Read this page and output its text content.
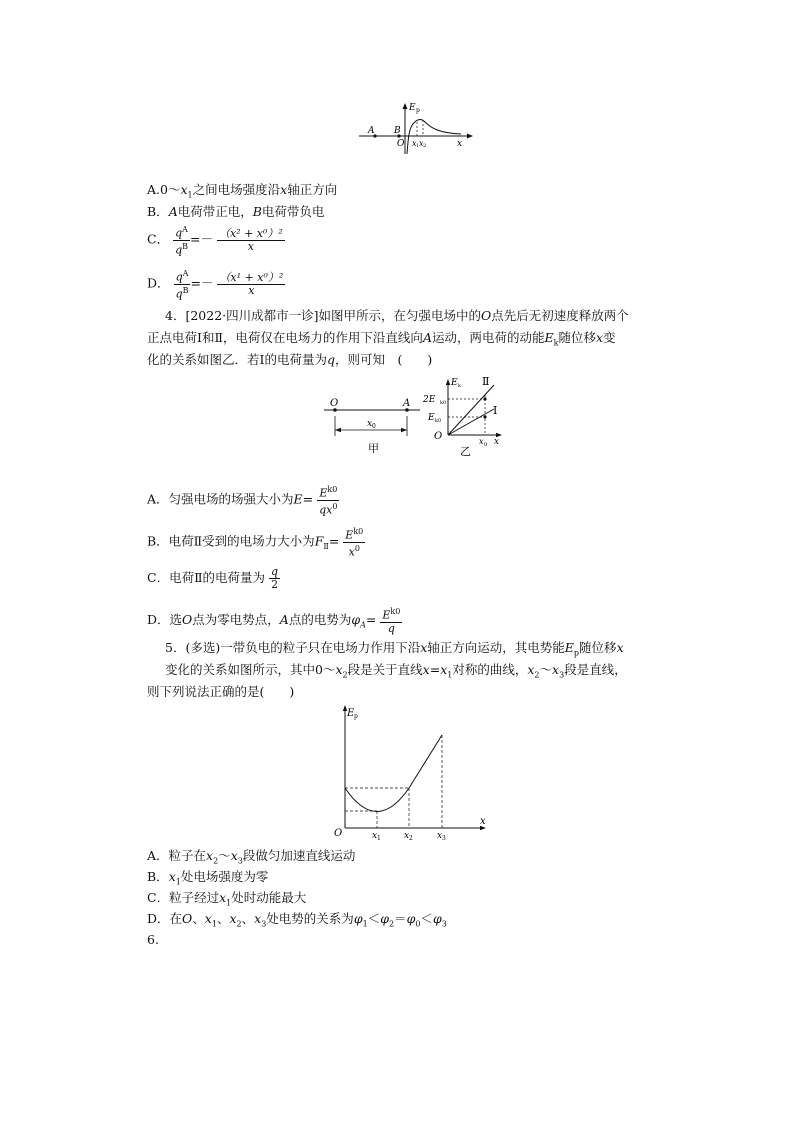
E p
A B
O x 1 x 2	x
$A.0\sim x_1$之间电场强度沿x轴正方向
B．A电荷带正电，B电荷带负电
C． $\frac{q^A}{q^B} =- \frac{\text{（x² + x⁰）²}}{x}$
D． $\frac{q^A}{q^B} =- \frac{\text{（x¹ + x⁰）²}}{x}$
4．[2022·四川成都市一诊]如图甲所示，在匀强电场中的O点先后无初速度释放两个
正点电荷Ⅰ和Ⅱ，电荷仅在电场力的作用下沿直线向A运动，两电荷的动能$E_k$随位移x变
化的关系如图乙．若Ⅰ的电荷量为q，则可知　(　　)
O	A
x 0
甲
2E k0
E k0
E k Ⅱ
Ⅰ
O	x 0 x
乙
A．匀强电场的场强大小为$E= \frac{E^{k0}}{qx^0}$
B．电荷Ⅱ受到的电场力大小为$F_Ⅱ= \frac{E^{k0}}{x^0}$
C．电荷Ⅱ的电荷量为 $\frac{q}{2}$
D．选O点为零电势点，A点的电势为$\varphi_A= \frac{E^{k0}}{q}$
5．(多选)一带负电的粒子只在电场力作用下沿x轴正方向运动，其电势能$E_p$随位移x
变化的关系如图所示，其中$0\sim x_2$段是关于直线$x=x_1$对称的曲线，$x_2\sim x_3$段是直线，
则下列说法正确的是(　　)
E p
O	x 1	x 2	x 3
x
A．粒子在$x_2\sim x_3$段做匀加速直线运动
B．$x_1$处电场强度为零
C．粒子经过$x_1$处时动能最大
D．在O、$x_1$、$x_2$、$x_3$处电势的关系为$\varphi_1<\varphi_2=\varphi_0<\varphi_3$
6.
